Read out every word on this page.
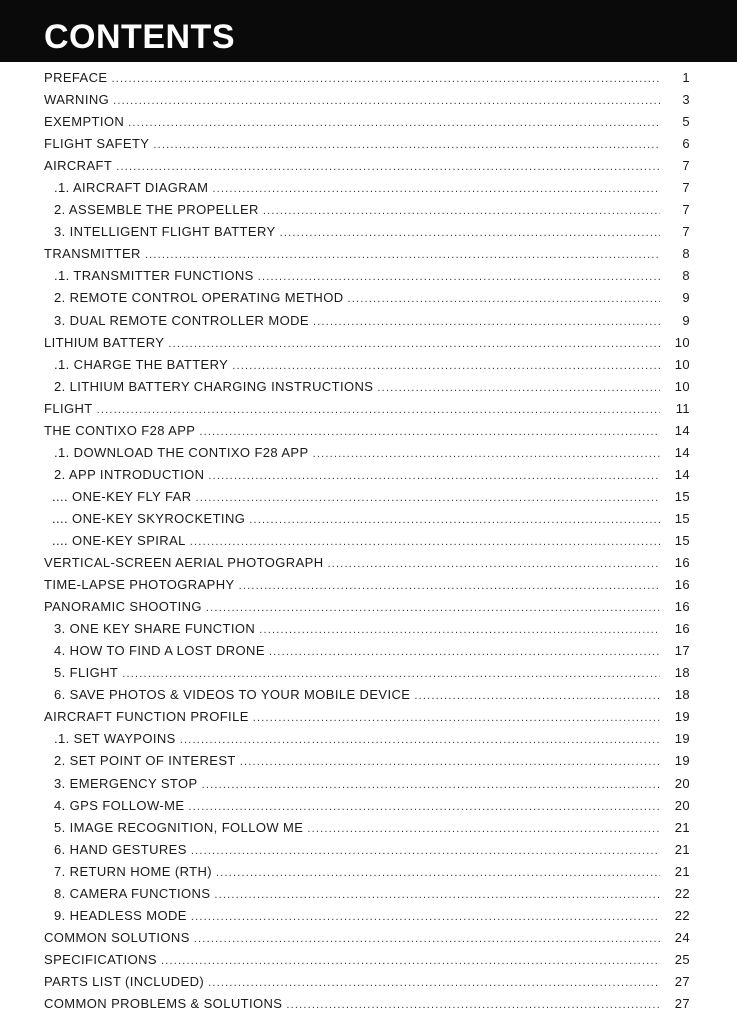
CONTENTS
PREFACE .....	1
WARNING .....	3
EXEMPTION .....	5
FLIGHT SAFETY .....	6
AIRCRAFT .....	7
.1. AIRCRAFT DIAGRAM .....	7
2. ASSEMBLE THE PROPELLER .....	7
3. INTELLIGENT FLIGHT BATTERY .....	7
TRANSMITTER .....	8
.1. TRANSMITTER FUNCTIONS .....	8
2. REMOTE CONTROL OPERATING METHOD .....	9
3. DUAL REMOTE CONTROLLER MODE .....	9
LITHIUM BATTERY .....	10
.1. CHARGE THE BATTERY .....	10
2. LITHIUM BATTERY CHARGING INSTRUCTIONS .....	10
FLIGHT .....	11
THE CONTIXO F28 APP .....	14
.1. DOWNLOAD THE CONTIXO F28 APP .....	14
2. APP INTRODUCTION .....	14
.... ONE-KEY FLY FAR .....	15
.... ONE-KEY SKYROCKETING .....	15
.... ONE-KEY SPIRAL .....	15
VERTICAL-SCREEN AERIAL PHOTOGRAPH .....	16
TIME-LAPSE PHOTOGRAPHY .....	16
PANORAMIC SHOOTING .....	16
3. ONE KEY SHARE FUNCTION .....	16
4. HOW TO FIND A LOST DRONE .....	17
5. FLIGHT .....	18
6. SAVE PHOTOS & VIDEOS TO YOUR MOBILE DEVICE .....	18
AIRCRAFT FUNCTION PROFILE .....	19
.1. SET WAYPOINS .....	19
2. SET POINT OF INTEREST .....	19
3. EMERGENCY STOP .....	20
4. GPS FOLLOW-ME .....	20
5. IMAGE RECOGNITION, FOLLOW ME .....	21
6. HAND GESTURES .....	21
7. RETURN HOME (RTH) .....	21
8. CAMERA FUNCTIONS .....	22
9. HEADLESS MODE .....	22
COMMON SOLUTIONS .....	24
SPECIFICATIONS .....	25
PARTS LIST (INCLUDED) .....	27
COMMON PROBLEMS & SOLUTIONS .....	27
